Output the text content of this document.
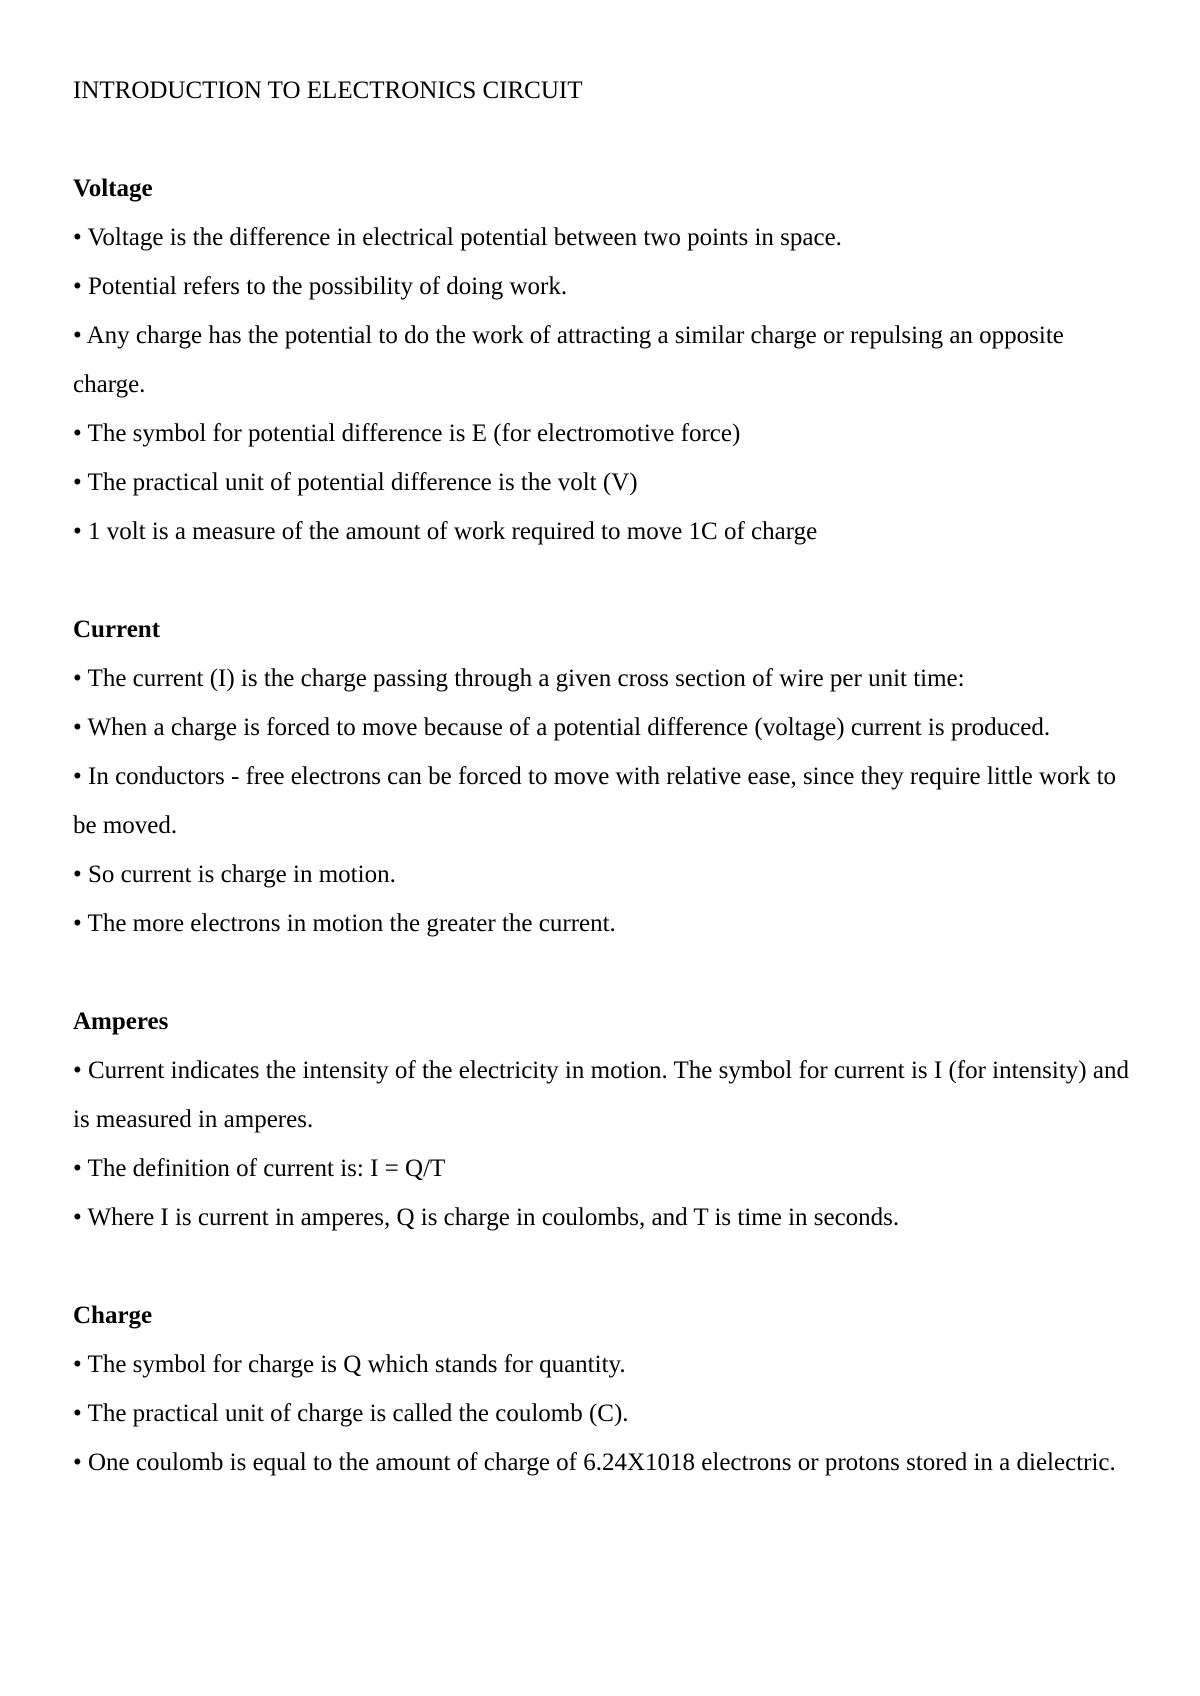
INTRODUCTION TO ELECTRONICS CIRCUIT
Voltage

• Voltage is the difference in electrical potential between two points in space.

• Potential refers to the possibility of doing work.

• Any charge has the potential to do the work of attracting a similar charge or repulsing an opposite charge.

• The symbol for potential difference is E (for electromotive force)

• The practical unit of potential difference is the volt (V)

• 1 volt is a measure of the amount of work required to move 1C of charge

Current

• The current (I) is the charge passing through a given cross section of wire per unit time:

• When a charge is forced to move because of a potential difference (voltage) current is produced.

• In conductors - free electrons can be forced to move with relative ease, since they require little work to be moved.

• So current is charge in motion.

• The more electrons in motion the greater the current.

Amperes

• Current indicates the intensity of the electricity in motion. The symbol for current is I (for intensity) and is measured in amperes.

• The definition of current is: I = Q/T

• Where I is current in amperes, Q is charge in coulombs, and T is time in seconds.

Charge

• The symbol for charge is Q which stands for quantity.

• The practical unit of charge is called the coulomb (C).

• One coulomb is equal to the amount of charge of 6.24X1018 electrons or protons stored in a dielectric.
